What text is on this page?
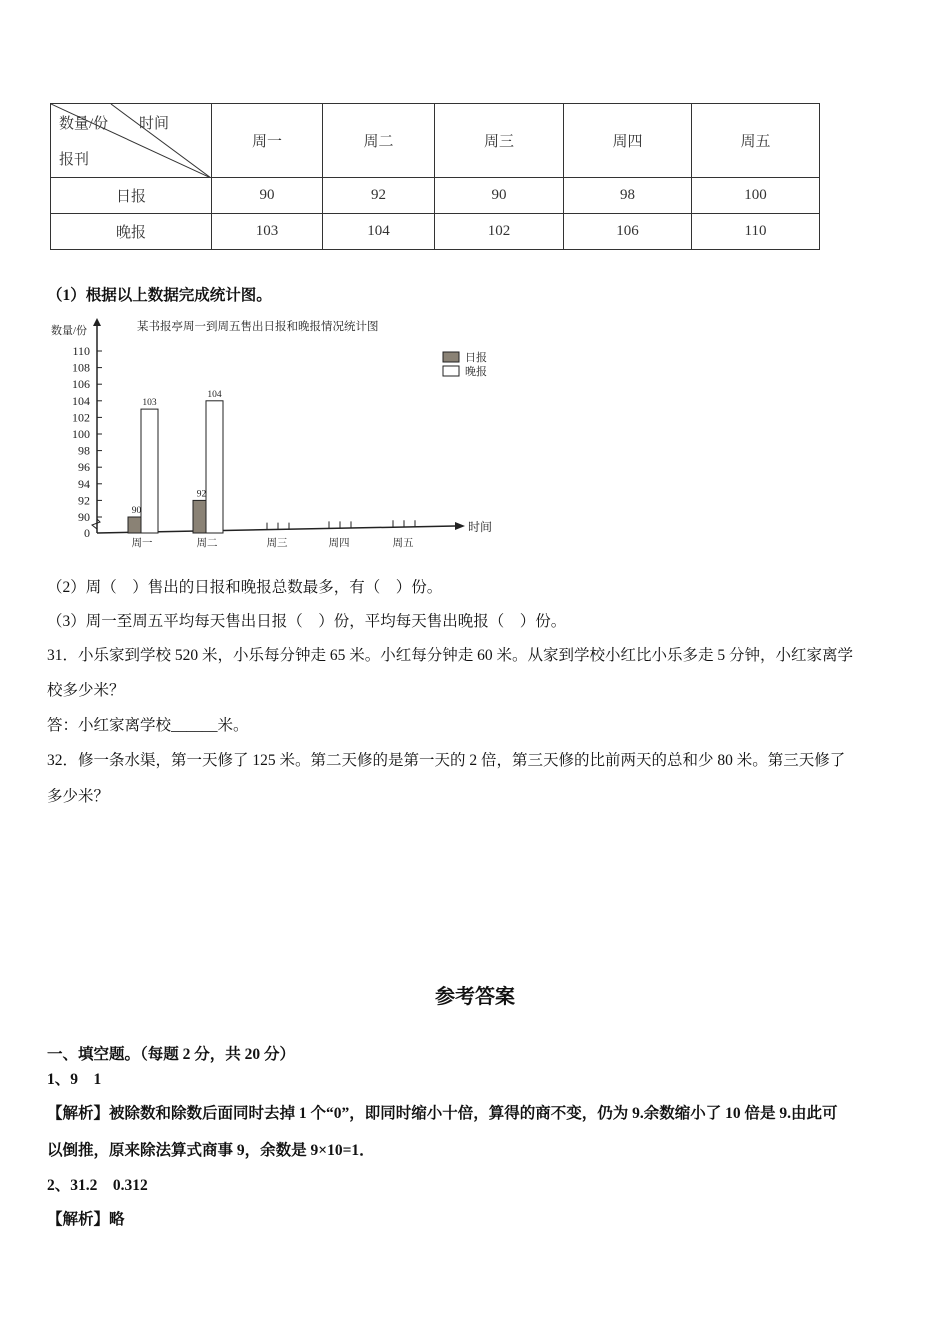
数量/份 时间
报刊	周一	周二	周三	周四	周五
日报	90	92	90	98	100
晚报	103	104	102	106	110
（1）根据以上数据完成统计图。
数量/份
时间
某书报亭周一到周五售出日报和晚报情况统计图
0
90
92
94
96
98
100
102
104
106
108
110
周一
90
103
周二
92
104
周三	周四	周五
日报
晚报
（2）周（　）售出的日报和晚报总数最多，有（　）份。
（3）周一至周五平均每天售出日报（　）份，平均每天售出晚报（　）份。
31．小乐家到学校 520 米，小乐每分钟走 65 米。小红每分钟走 60 米。从家到学校小红比小乐多走 5 分钟，小红家离学
校多少米？
答：小红家离学校______米。
32．修一条水渠，第一天修了 125 米。第二天修的是第一天的 2 倍，第三天修的比前两天的总和少 80 米。第三天修了
多少米？
参考答案
一、填空题。（每题 2 分，共 20 分）
1、9　1
【解析】被除数和除数后面同时去掉 1 个“0”，即同时缩小十倍，算得的商不变，仍为 9.余数缩小了 10 倍是 9.由此可
以倒推，原来除法算式商事 9，余数是 9×10=1．
2、31.2　0.312
【解析】略
